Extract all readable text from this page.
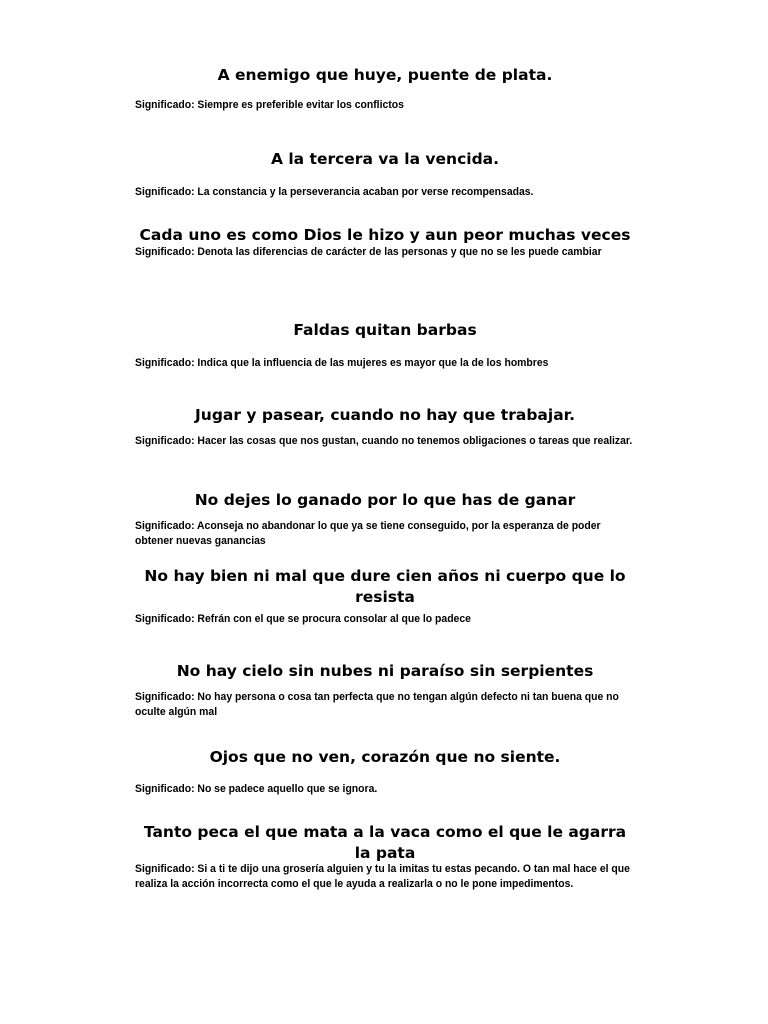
A enemigo que huye, puente de plata.

Significado: Siempre es preferible evitar los conflictos

A la tercera va la vencida.

Significado: La constancia y la perseverancia acaban por verse recompensadas.

Cada uno es como Dios le hizo y aun peor muchas veces

Significado: Denota las diferencias de carácter de las personas y que no se les puede cambiar

Faldas quitan barbas

Significado: Indica que la influencia de las mujeres es mayor que la de los hombres

Jugar y pasear, cuando no hay que trabajar.

Significado: Hacer las cosas que nos gustan, cuando no tenemos obligaciones o tareas que realizar.

No dejes lo ganado por lo que has de ganar

Significado: Aconseja no abandonar lo que ya se tiene conseguido, por la esperanza de poder obtener nuevas ganancias

No hay bien ni mal que dure cien años ni cuerpo que lo resista

Significado: Refrán con el que se procura consolar al que lo padece

No hay cielo sin nubes ni paraíso sin serpientes

Significado: No hay persona o cosa tan perfecta que no tengan algún defecto ni tan buena que no oculte algún mal

Ojos que no ven, corazón que no siente.

Significado: No se padece aquello que se ignora.

Tanto peca el que mata a la vaca como el que le agarra la pata

Significado: Si a ti te dijo una grosería alguien y tu la imitas tu estas pecando. O tan mal hace el que realiza la acción incorrecta como el que le ayuda a realizarla o no le pone impedimentos.
